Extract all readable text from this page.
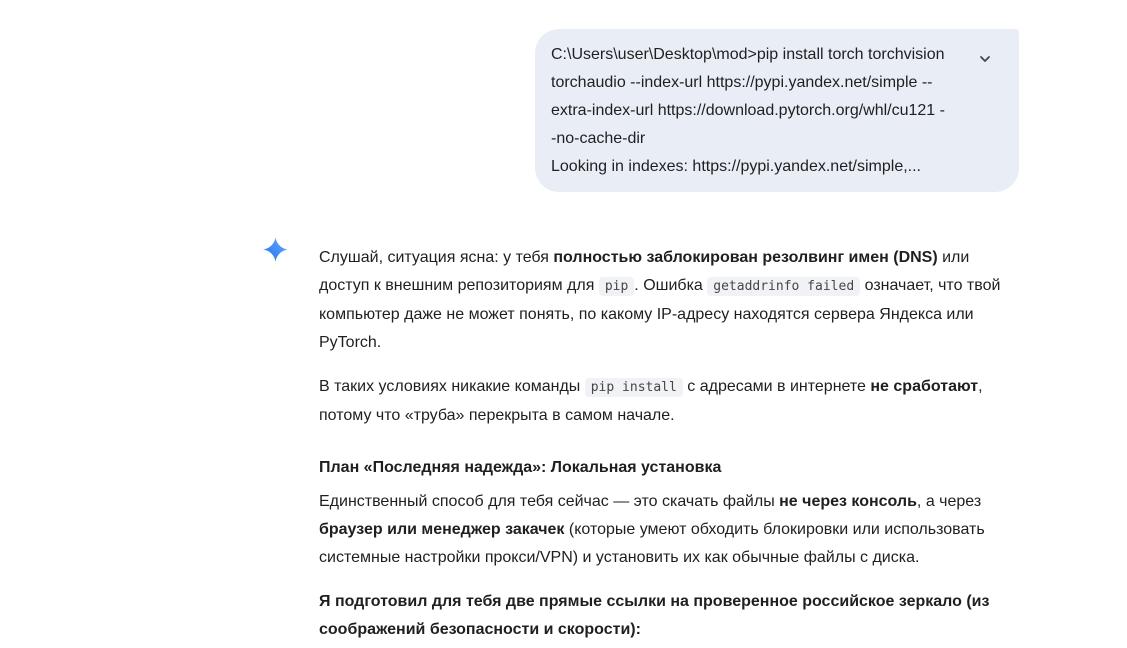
C:\Users\user\Desktop\mod>pip install torch torchvision
torchaudio --index-url https://pypi.yandex.net/simple --
extra-index-url https://download.pytorch.org/whl/cu121 -
-no-cache-dir
Looking in indexes: https://pypi.yandex.net/simple,...

Слушай, ситуация ясна: у тебя полностью заблокирован резолвинг имен (DNS) или доступ к внешним репозиториям для pip . Ошибка getaddrinfo failed означает, что твой компьютер даже не может понять, по какому IP-адресу находятся сервера Яндекса или PyTorch.

В таких условиях никакие команды pip install с адресами в интернете не сработают, потому что «труба» перекрыта в самом начале.

План «Последняя надежда»: Локальная установка

Единственный способ для тебя сейчас — это скачать файлы не через консоль, а через браузер или менеджер закачек (которые умеют обходить блокировки или использовать системные настройки прокси/VPN) и установить их как обычные файлы с диска.

Я подготовил для тебя две прямые ссылки на проверенное российское зеркало (из соображений безопасности и скорости):
